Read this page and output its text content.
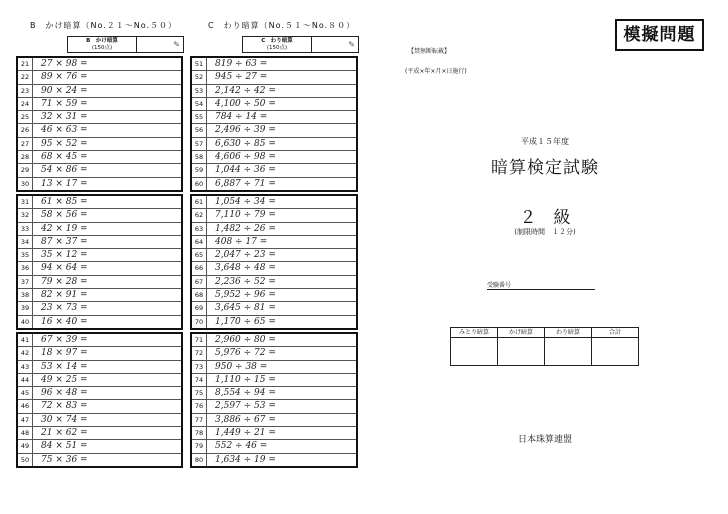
B　かけ暗算（No.２１〜No.５０）
B　 かけ暗算
(150点)	✎
21	27 × 98 =
22	89 × 76 =
23	90 × 24 =
24	71 × 59 =
25	32 × 31 =
26	46 × 63 =
27	95 × 52 =
28	68 × 45 =
29	54 × 86 =
30	13 × 17 =
31	61 × 85 =
32	58 × 56 =
33	42 × 19 =
34	87 × 37 =
35	35 × 12 =
36	94 × 64 =
37	79 × 28 =
38	82 × 91 =
39	23 × 73 =
40	16 × 40 =
41	67 × 39 =
42	18 × 97 =
43	53 × 14 =
44	49 × 25 =
45	96 × 48 =
46	72 × 83 =
47	30 × 74 =
48	21 × 62 =
49	84 × 51 =
50	75 × 36 =
C　わり暗算（No.５１〜No.８０）
C　 わり暗算
(150点)	✎
51	819 ÷ 63 =
52	945 ÷ 27 =
53	2,142 ÷ 42 =
54	4,100 ÷ 50 =
55	784 ÷ 14 =
56	2,496 ÷ 39 =
57	6,630 ÷ 85 =
58	4,606 ÷ 98 =
59	1,044 ÷ 36 =
60	6,887 ÷ 71 =
61	1,054 ÷ 34 =
62	7,110 ÷ 79 =
63	1,482 ÷ 26 =
64	408 ÷ 17 =
65	2,047 ÷ 23 =
66	3,648 ÷ 48 =
67	2,236 ÷ 52 =
68	5,952 ÷ 96 =
69	3,645 ÷ 81 =
70	1,170 ÷ 65 =
71	2,960 ÷ 80 =
72	5,976 ÷ 72 =
73	950 ÷ 38 =
74	1,110 ÷ 15 =
75	8,554 ÷ 94 =
76	2,597 ÷ 53 =
77	3,886 ÷ 67 =
78	1,449 ÷ 21 =
79	552 ÷ 46 =
80	1,634 ÷ 19 =
模擬問題
【禁無断転載】
(平成×年×月×日施行)
平成１５年度
暗算検定試験
２　級
(制限時間　１２分)
受験番号
みとり暗算	かけ暗算	わり暗算	合計

日本珠算連盟
